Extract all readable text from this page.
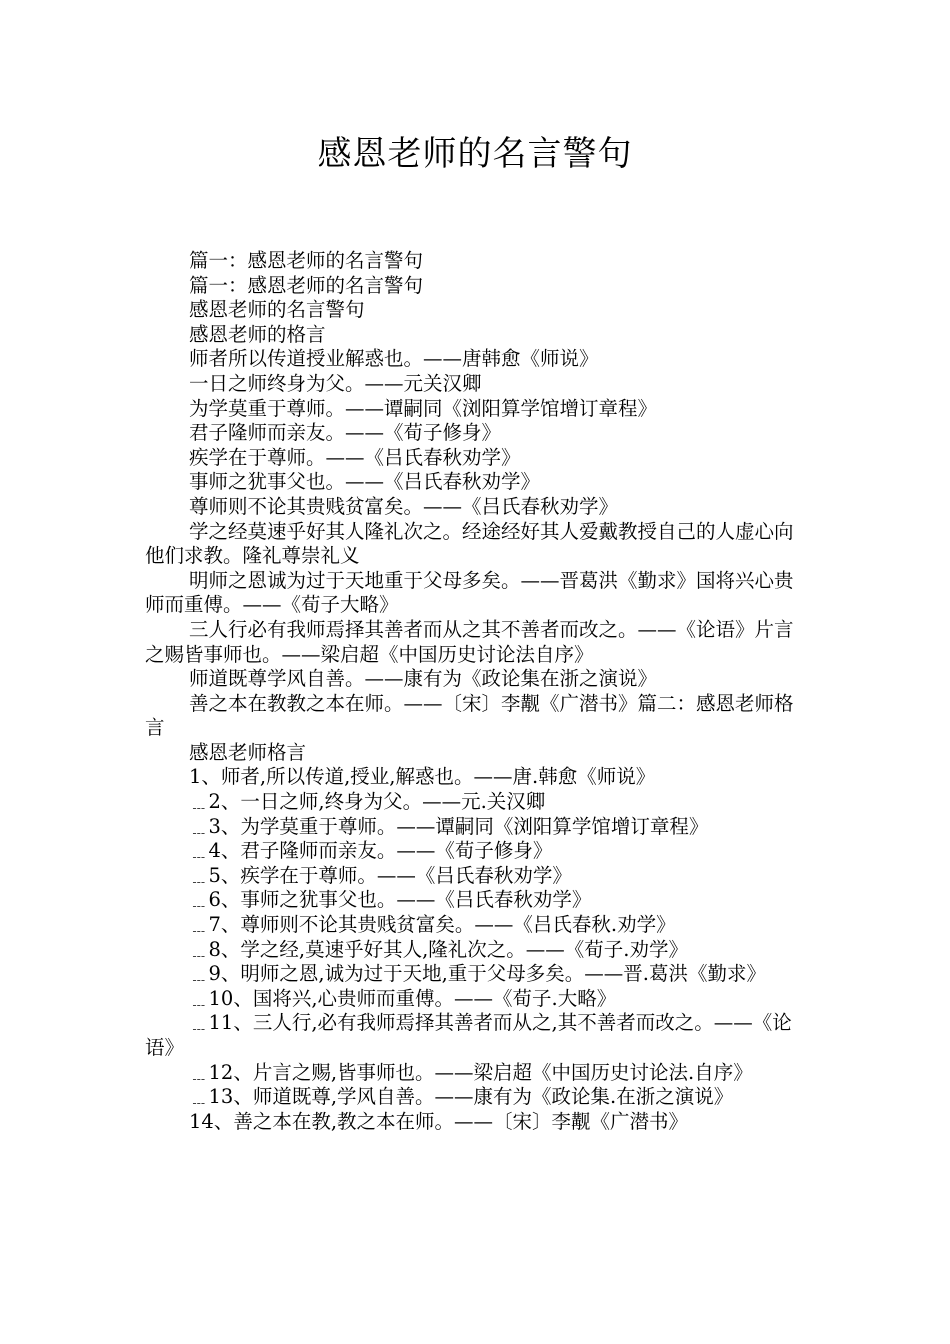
感恩老师的名言警句

篇一：感恩老师的名言警句

篇一：感恩老师的名言警句

感恩老师的名言警句

感恩老师的格言

师者所以传道授业解惑也。——唐韩愈《师说》

一日之师终身为父。——元关汉卿

为学莫重于尊师。——谭嗣同《浏阳算学馆增订章程》

君子隆师而亲友。——《荀子修身》

疾学在于尊师。——《吕氏春秋劝学》

事师之犹事父也。——《吕氏春秋劝学》

尊师则不论其贵贱贫富矣。——《吕氏春秋劝学》

学之经莫速乎好其人隆礼次之。经途经好其人爱戴教授自己的人虚心向他们求教。隆礼尊崇礼义

明师之恩诚为过于天地重于父母多矣。——晋葛洪《勤求》国将兴心贵师而重傅。——《荀子大略》

三人行必有我师焉择其善者而从之其不善者而改之。——《论语》片言之赐皆事师也。——梁启超《中国历史讨论法自序》

师道既尊学风自善。——康有为《政论集在浙之演说》

善之本在教教之本在师。——〔宋〕李觏《广潜书》篇二：感恩老师格言

感恩老师格言

1、师者,所以传道,授业,解惑也。——唐.韩愈《师说》

﹍2、一日之师,终身为父。——元.关汉卿

﹍3、为学莫重于尊师。——谭嗣同《浏阳算学馆增订章程》

﹍4、君子隆师而亲友。——《荀子修身》

﹍5、疾学在于尊师。——《吕氏春秋劝学》

﹍6、事师之犹事父也。——《吕氏春秋劝学》

﹍7、尊师则不论其贵贱贫富矣。——《吕氏春秋.劝学》

﹍8、学之经,莫速乎好其人,隆礼次之。——《荀子.劝学》

﹍9、明师之恩,诚为过于天地,重于父母多矣。——晋.葛洪《勤求》

﹍10、国将兴,心贵师而重傅。——《荀子.大略》

﹍11、三人行,必有我师焉择其善者而从之,其不善者而改之。——《论语》

﹍12、片言之赐,皆事师也。——梁启超《中国历史讨论法.自序》

﹍13、师道既尊,学风自善。——康有为《政论集.在浙之演说》

14、善之本在教,教之本在师。——〔宋〕李觏《广潜书》
